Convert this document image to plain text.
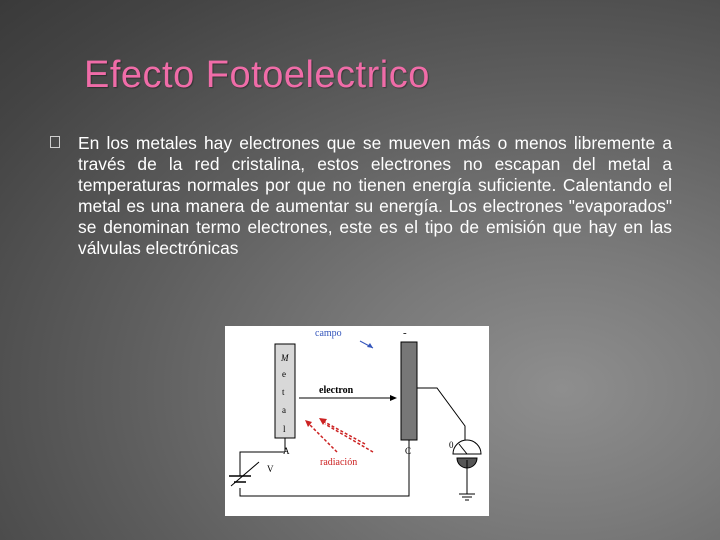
Efecto Fotoelectrico
En los metales hay electrones que se mueven más o menos libremente a través de la red cristalina, estos electrones no escapan del metal a temperaturas normales por que no tienen energía suficiente. Calentando el metal es una manera de aumentar su energía. Los electrones "evaporados" se denominan termo electrones, este es el tipo de emisión que hay en las válvulas electrónicas
campo	-
M
e
t
a
l
electron
radiación
A	C
V
0
